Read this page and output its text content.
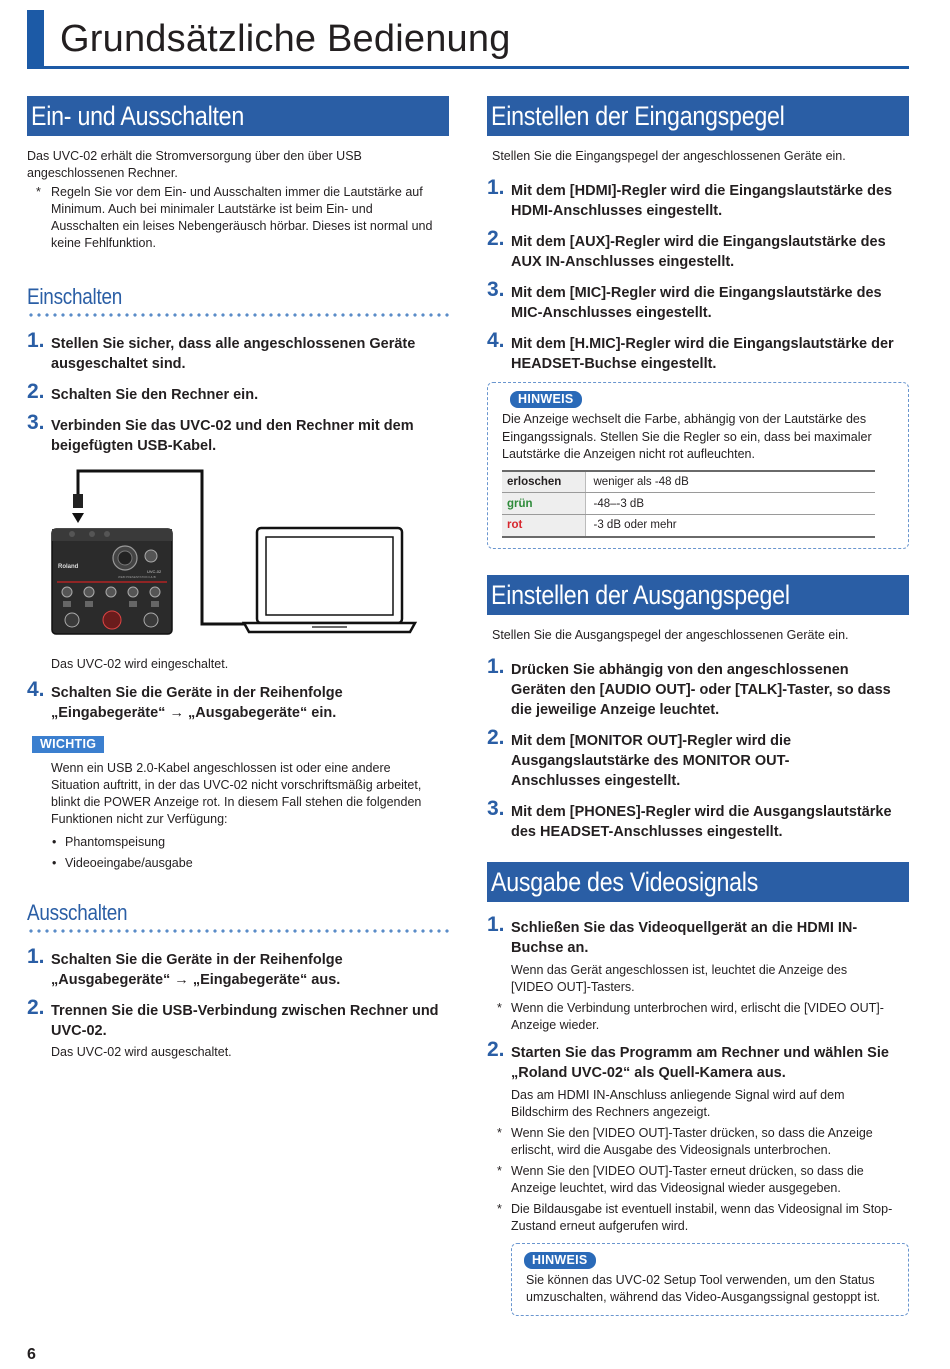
Grundsätzliche Bedienung
Ein- und Ausschalten
Das UVC-02 erhält die Stromversorgung über den über USB angeschlossenen Rechner.
* Regeln Sie vor dem Ein- und Ausschalten immer die Lautstärke auf Minimum. Auch bei minimaler Lautstärke ist beim Ein- und Ausschalten ein leises Nebengeräusch hörbar. Dieses ist normal und keine Fehlfunktion.
Einschalten
1. Stellen Sie sicher, dass alle angeschlossenen Geräte ausgeschaltet sind.
2. Schalten Sie den Rechner ein.
3. Verbinden Sie das UVC-02 und den Rechner mit dem beigefügten USB-Kabel.
Roland
UVC-02
WEB PRESENTATION HUB
Das UVC-02 wird eingeschaltet.
4. Schalten Sie die Geräte in der Reihenfolge
„Eingabegeräte“ → „Ausgabegeräte“ ein.
WICHTIG
Wenn ein USB 2.0-Kabel angeschlossen ist oder eine andere Situation auftritt, in der das UVC-02 nicht vorschriftsmäßig arbeitet, blinkt die POWER Anzeige rot. In diesem Fall stehen die folgenden Funktionen nicht zur Verfügung:
• Phantomspeisung
• Videoeingabe/ausgabe
Ausschalten
1. Schalten Sie die Geräte in der Reihenfolge
„Ausgabegeräte“ → „Eingabegeräte“ aus.
2. Trennen Sie die USB-Verbindung zwischen Rechner und UVC-02.
Das UVC-02 wird ausgeschaltet.
Einstellen der Eingangspegel
Stellen Sie die Eingangspegel der angeschlossenen Geräte ein.
1. Mit dem [HDMI]-Regler wird die Eingangslautstärke des HDMI-Anschlusses eingestellt.
2. Mit dem [AUX]-Regler wird die Eingangslautstärke des AUX IN-Anschlusses eingestellt.
3. Mit dem [MIC]-Regler wird die Eingangslautstärke des MIC-Anschlusses eingestellt.
4. Mit dem [H.MIC]-Regler wird die Eingangslautstärke der HEADSET-Buchse eingestellt.
HINWEIS
Die Anzeige wechselt die Farbe, abhängig von der Lautstärke des Eingangssignals. Stellen Sie die Regler so ein, dass bei maximaler Lautstärke die Anzeigen nicht rot aufleuchten.
erloschen	weniger als -48 dB
grün	-48–-3 dB
rot	-3 dB oder mehr
Einstellen der Ausgangspegel
Stellen Sie die Ausgangspegel der angeschlossenen Geräte ein.
1. Drücken Sie abhängig von den angeschlossenen Geräten den [AUDIO OUT]- oder [TALK]-Taster, so dass die jeweilige Anzeige leuchtet.
2. Mit dem [MONITOR OUT]-Regler wird die Ausgangslautstärke des MONITOR OUT-Anschlusses eingestellt.
3. Mit dem [PHONES]-Regler wird die Ausgangslautstärke des HEADSET-Anschlusses eingestellt.
Ausgabe des Videosignals
1. Schließen Sie das Videoquellgerät an die HDMI IN-Buchse an.
Wenn das Gerät angeschlossen ist, leuchtet die Anzeige des [VIDEO OUT]-Tasters.
* Wenn die Verbindung unterbrochen wird, erlischt die [VIDEO OUT]-Anzeige wieder.
2. Starten Sie das Programm am Rechner und wählen Sie „Roland UVC-02“ als Quell-Kamera aus.
Das am HDMI IN-Anschluss anliegende Signal wird auf dem Bildschirm des Rechners angezeigt.
* Wenn Sie den [VIDEO OUT]-Taster drücken, so dass die Anzeige erlischt, wird die Ausgabe des Videosignals unterbrochen.
* Wenn Sie den [VIDEO OUT]-Taster erneut drücken, so dass die Anzeige leuchtet, wird das Videosignal wieder ausgegeben.
* Die Bildausgabe ist eventuell instabil, wenn das Videosignal im Stop-Zustand erneut aufgerufen wird.
HINWEIS
Sie können das UVC-02 Setup Tool verwenden, um den Status umzuschalten, während das Video-Ausgangssignal gestoppt ist.
6
